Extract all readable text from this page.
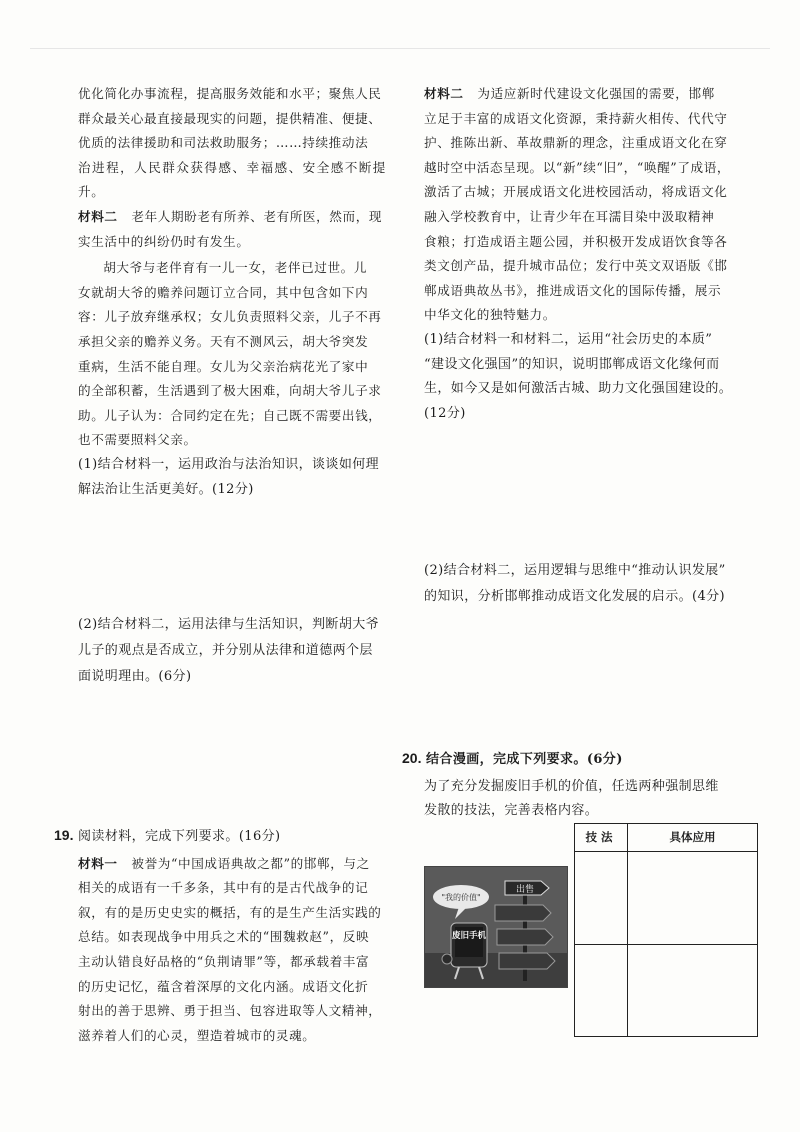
优化简化办事流程，提高服务效能和水平；聚焦人民

群众最关心最直接最现实的问题，提供精准、便捷、

优质的法律援助和司法救助服务；……持续推动法

治进程，人民群众获得感、幸福感、安全感不断提升。

材料二 老年人期盼老有所养、老有所医，然而，现

实生活中的纠纷仍时有发生。

胡大爷与老伴育有一儿一女，老伴已过世。儿

女就胡大爷的赡养问题订立合同，其中包含如下内

容：儿子放弃继承权；女儿负责照料父亲，儿子不再

承担父亲的赡养义务。天有不测风云，胡大爷突发

重病，生活不能自理。女儿为父亲治病花光了家中

的全部积蓄，生活遇到了极大困难，向胡大爷儿子求

助。儿子认为：合同约定在先；自己既不需要出钱，

也不需要照料父亲。

(1)结合材料一，运用政治与法治知识，谈谈如何理

解法治让生活更美好。(12分)

(2)结合材料二，运用法律与生活知识，判断胡大爷

儿子的观点是否成立，并分别从法律和道德两个层

面说明理由。(6分)

19. 阅读材料，完成下列要求。(16分)

材料一 被誉为“中国成语典故之都”的邯郸，与之

相关的成语有一千多条，其中有的是古代战争的记

叙，有的是历史史实的概括，有的是生产生活实践的

总结。如表现战争中用兵之术的“围魏救赵”，反映

主动认错良好品格的“负荆请罪”等，都承载着丰富

的历史记忆，蕴含着深厚的文化内涵。成语文化折

射出的善于思辨、勇于担当、包容进取等人文精神，

滋养着人们的心灵，塑造着城市的灵魂。

材料二 为适应新时代建设文化强国的需要，邯郸

立足于丰富的成语文化资源，秉持薪火相传、代代守

护、推陈出新、革故鼎新的理念，注重成语文化在穿

越时空中活态呈现。以“新”续“旧”，“唤醒”了成语，

激活了古城；开展成语文化进校园活动，将成语文化

融入学校教育中，让青少年在耳濡目染中汲取精神

食粮；打造成语主题公园，并积极开发成语饮食等各

类文创产品，提升城市品位；发行中英文双语版《邯

郸成语典故丛书》，推进成语文化的国际传播，展示

中华文化的独特魅力。

(1)结合材料一和材料二，运用“社会历史的本质”

“建设文化强国”的知识，说明邯郸成语文化缘何而

生，如今又是如何激活古城、助力文化强国建设的。

(12分)

(2)结合材料二，运用逻辑与思维中“推动认识发展”

的知识，分析邯郸推动成语文化发展的启示。(4分)

20. 结合漫画，完成下列要求。(6分)

为了充分发掘废旧手机的价值，任选两种强制思维

发散的技法，完善表格内容。

"我的价值"
出售
废旧手机
技法	具体应用
